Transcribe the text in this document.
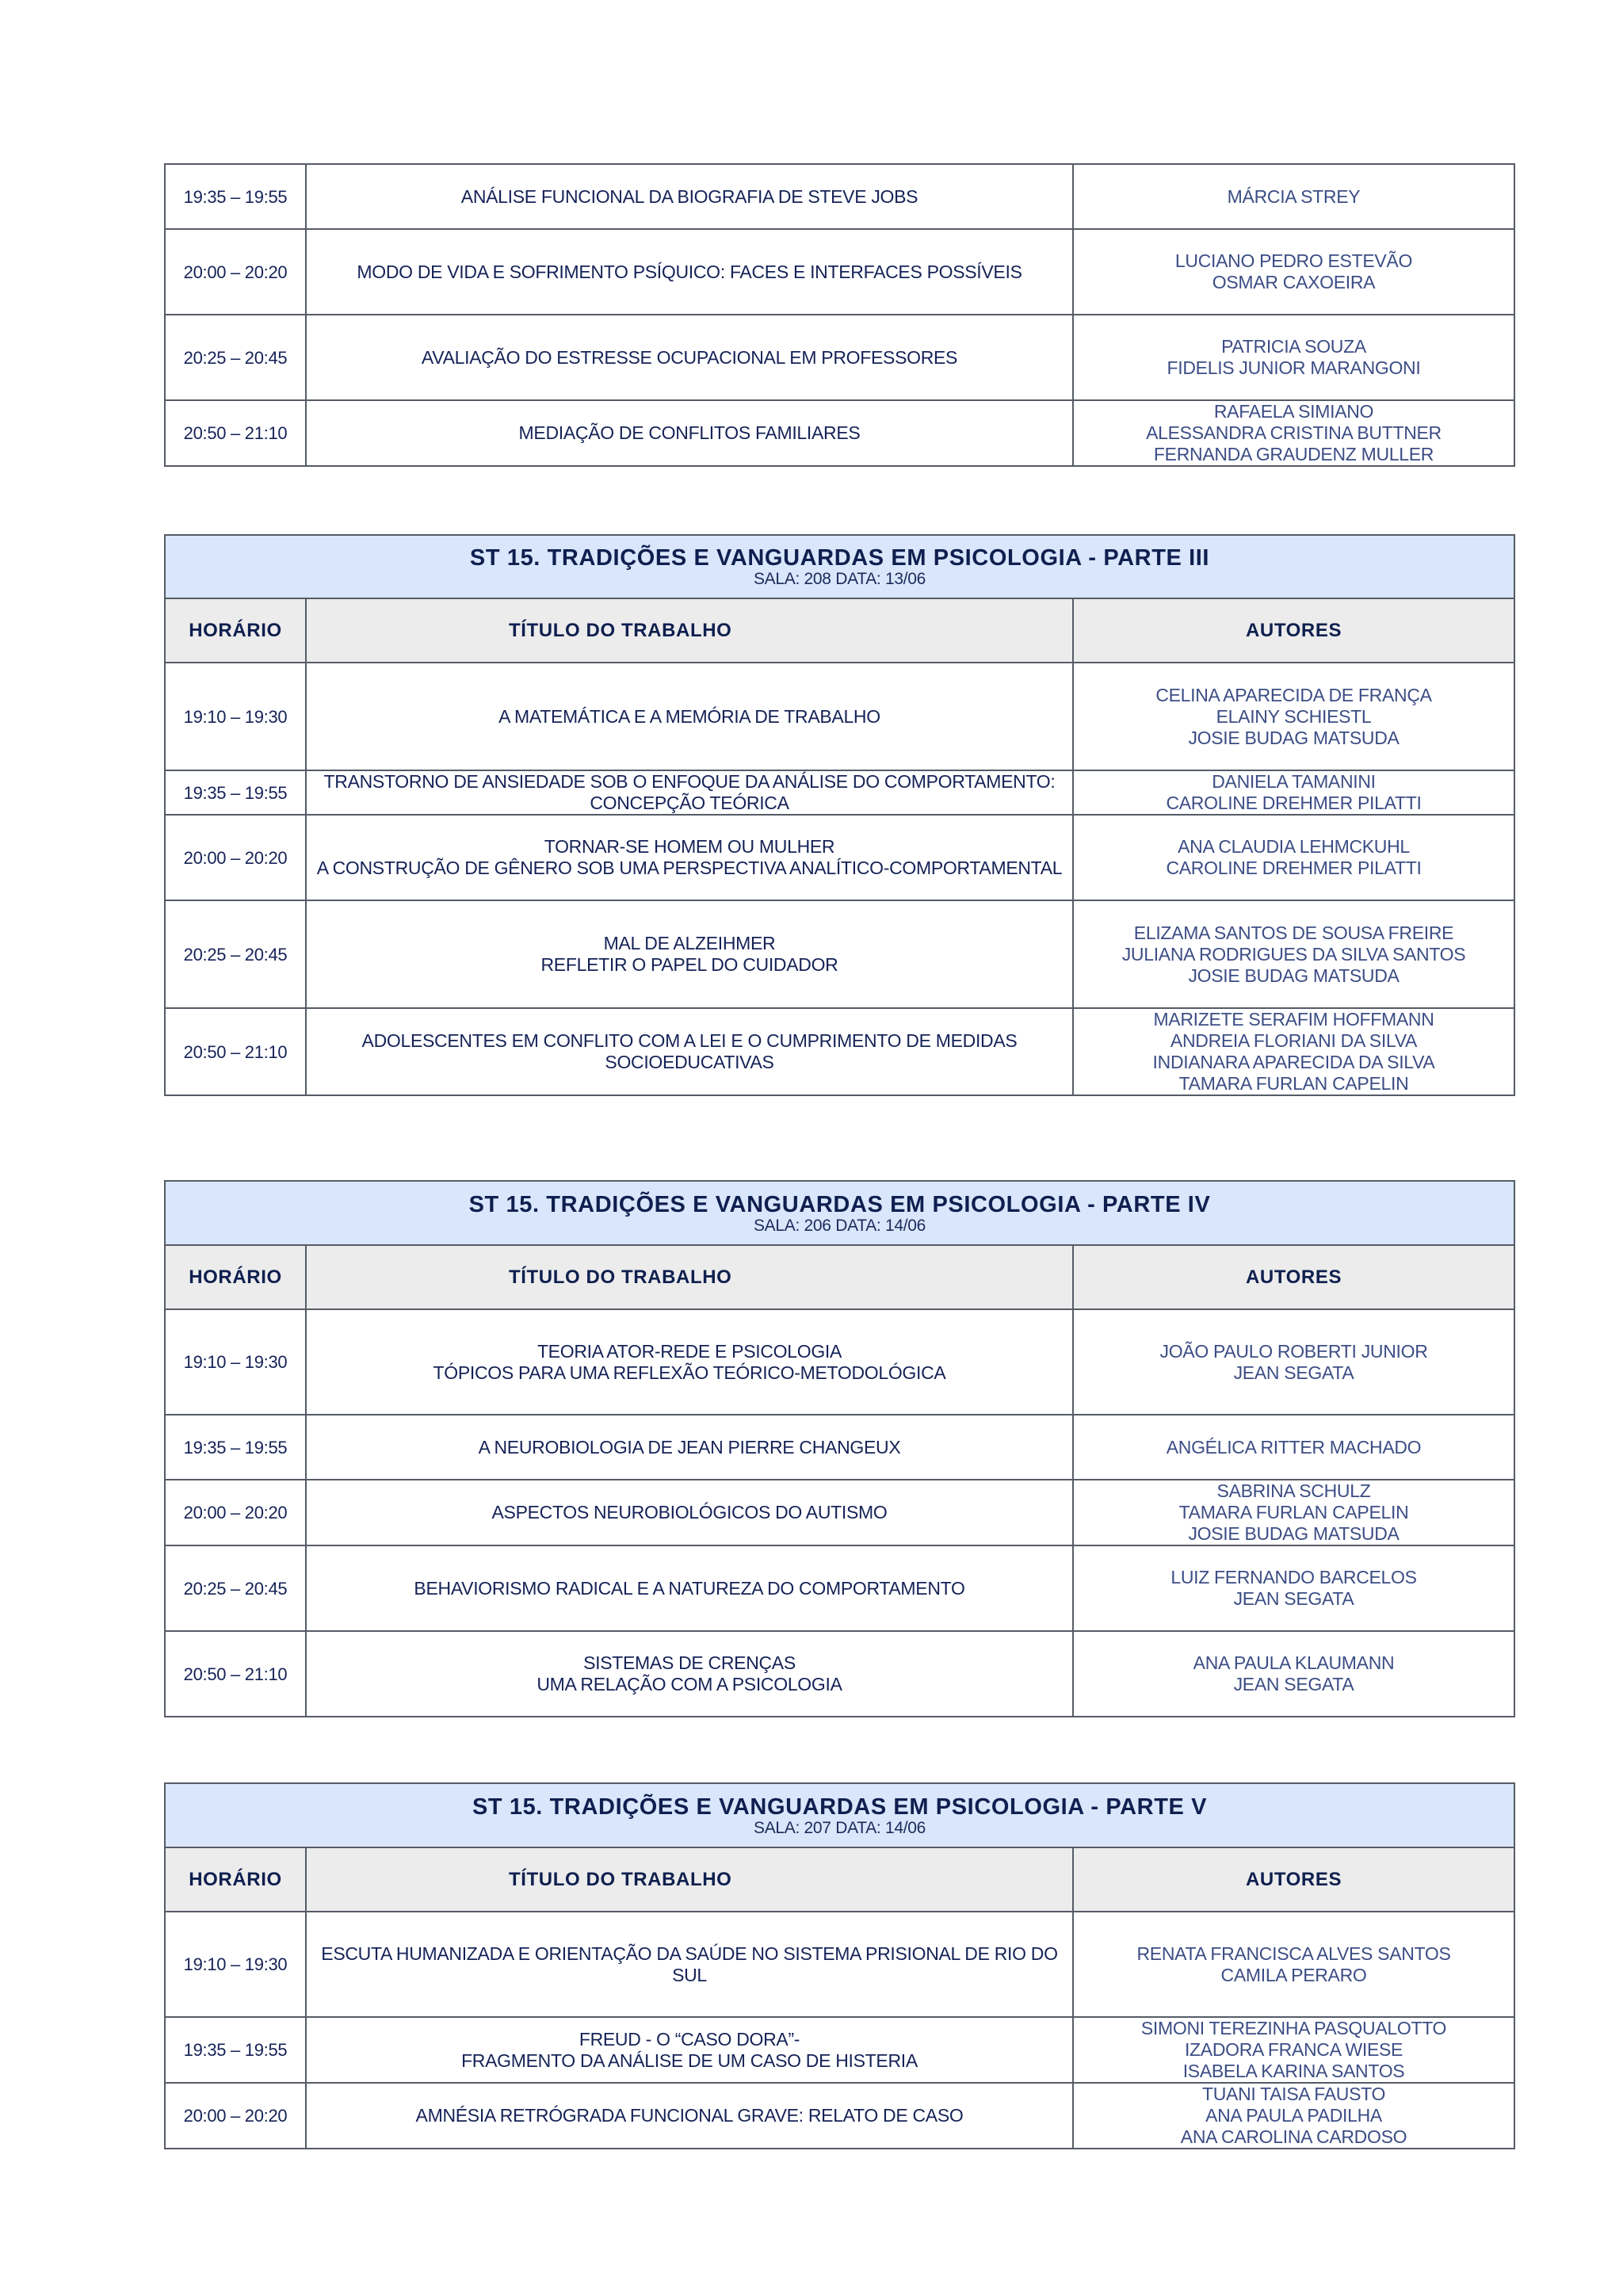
19:35 – 19:55	ANÁLISE FUNCIONAL DA BIOGRAFIA DE STEVE JOBS	MÁRCIA STREY

20:00 – 20:20	MODO DE VIDA E SOFRIMENTO PSÍQUICO: FACES E INTERFACES POSSÍVEIS	LUCIANO PEDRO ESTEVÃO
OSMAR CAXOEIRA

20:25 – 20:45	AVALIAÇÃO DO ESTRESSE OCUPACIONAL EM PROFESSORES	PATRICIA SOUZA
FIDELIS JUNIOR MARANGONI

20:50 – 21:10	MEDIAÇÃO DE CONFLITOS FAMILIARES	RAFAELA SIMIANO
ALESSANDRA CRISTINA BUTTNER
FERNANDA GRAUDENZ MULLER
ST 15. TRADIÇÕES E VANGUARDAS EM PSICOLOGIA - PARTE III
SALA: 208 DATA: 13/06		

HORÁRIO	TÍTULO DO TRABALHO	AUTORES
19:10 – 19:30	A MATEMÁTICA E A MEMÓRIA DE TRABALHO	CELINA APARECIDA DE FRANÇA
ELAINY SCHIESTL
JOSIE BUDAG MATSUDA

19:35 – 19:55	TRANSTORNO DE ANSIEDADE SOB O ENFOQUE DA ANÁLISE DO COMPORTAMENTO:
CONCEPÇÃO TEÓRICA	DANIELA TAMANINI
CAROLINE DREHMER PILATTI

20:00 – 20:20	TORNAR-SE HOMEM OU MULHER
A CONSTRUÇÃO DE GÊNERO SOB UMA PERSPECTIVA ANALÍTICO-COMPORTAMENTAL	ANA CLAUDIA LEHMCKUHL
CAROLINE DREHMER PILATTI

20:25 – 20:45	MAL DE ALZEIHMER
REFLETIR O PAPEL DO CUIDADOR	ELIZAMA SANTOS DE SOUSA FREIRE
JULIANA RODRIGUES DA SILVA SANTOS
JOSIE BUDAG MATSUDA

20:50 – 21:10	ADOLESCENTES EM CONFLITO COM A LEI E O CUMPRIMENTO DE MEDIDAS
SOCIOEDUCATIVAS	MARIZETE SERAFIM HOFFMANN
ANDREIA FLORIANI DA SILVA
INDIANARA APARECIDA DA SILVA
TAMARA FURLAN CAPELIN
ST 15. TRADIÇÕES E VANGUARDAS EM PSICOLOGIA - PARTE IV
SALA: 206 DATA: 14/06		

HORÁRIO	TÍTULO DO TRABALHO	AUTORES
19:10 – 19:30	TEORIA ATOR-REDE E PSICOLOGIA
TÓPICOS PARA UMA REFLEXÃO TEÓRICO-METODOLÓGICA	JOÃO PAULO ROBERTI JUNIOR
JEAN SEGATA

19:35 – 19:55	A NEUROBIOLOGIA DE JEAN PIERRE CHANGEUX	ANGÉLICA RITTER MACHADO

20:00 – 20:20	ASPECTOS NEUROBIOLÓGICOS DO AUTISMO	SABRINA SCHULZ
TAMARA FURLAN CAPELIN
JOSIE BUDAG MATSUDA

20:25 – 20:45	BEHAVIORISMO RADICAL E A NATUREZA DO COMPORTAMENTO	LUIZ FERNANDO BARCELOS
JEAN SEGATA

20:50 – 21:10	SISTEMAS DE CRENÇAS
UMA RELAÇÃO COM A PSICOLOGIA	ANA PAULA KLAUMANN
JEAN SEGATA
ST 15. TRADIÇÕES E VANGUARDAS EM PSICOLOGIA - PARTE V
SALA: 207 DATA: 14/06		

HORÁRIO	TÍTULO DO TRABALHO	AUTORES
19:10 – 19:30	ESCUTA HUMANIZADA E ORIENTAÇÃO DA SAÚDE NO SISTEMA PRISIONAL DE RIO DO
SUL	RENATA FRANCISCA ALVES SANTOS
CAMILA PERARO

19:35 – 19:55	FREUD - O “CASO DORA”-
FRAGMENTO DA ANÁLISE DE UM CASO DE HISTERIA	SIMONI TEREZINHA PASQUALOTTO
IZADORA FRANCA WIESE
ISABELA KARINA SANTOS

20:00 – 20:20	AMNÉSIA RETRÓGRADA FUNCIONAL GRAVE: RELATO DE CASO	TUANI TAISA FAUSTO
ANA PAULA PADILHA
ANA CAROLINA CARDOSO
